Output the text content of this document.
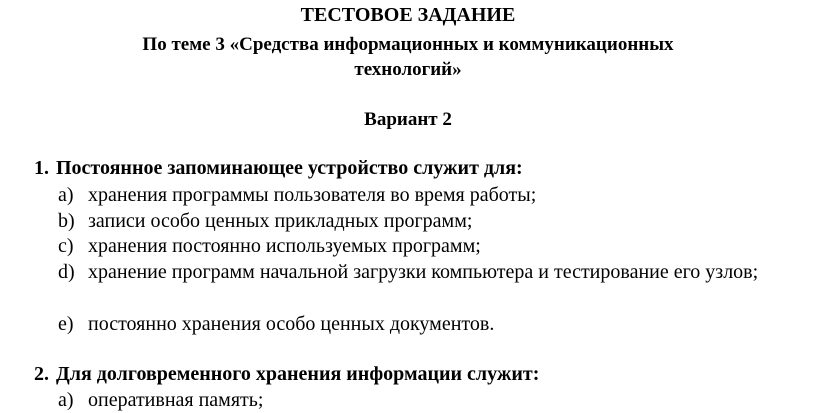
ТЕСТОВОЕ ЗАДАНИЕ
По теме 3 «Средства информационных и коммуникационных
технологий»
Вариант 2
1. Постоянное запоминающее устройство служит для:
a) хранения программы пользователя во время работы;
b) записи особо ценных прикладных программ;
c) хранения постоянно используемых программ;
d) хранение программ начальной загрузки компьютера и тестирование его узлов;
e) постоянно хранения особо ценных документов.
2. Для долговременного хранения информации служит:
a) оперативная память;
